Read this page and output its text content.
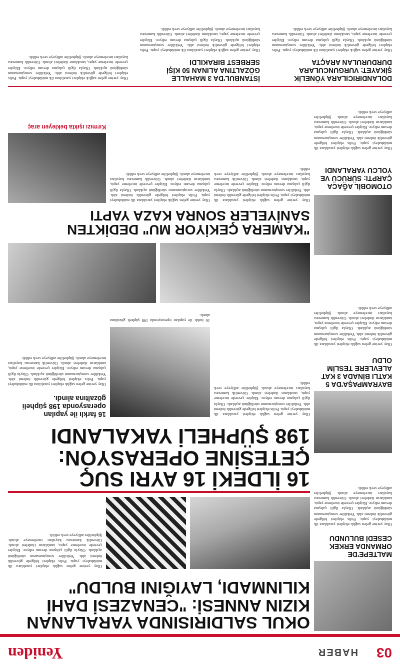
03
HABER
Yeniden
OKUL SALDIRISINDA YARALANAN
KIZIN ANNESİ: "CENAZESİ DAHİ
KILINMADI, LAYIĞINI BULDU"
MALTEPE'DE ORMANDA ERKEK CESEDİ BULUNDU
Olay yerine gelen sağlık ekipleri yaralılara ilk müdahaleyi yaptı. Polis ekipleri bölgede güvenlik önlemi aldı. Yetkililer soruşturmanın sürdüğünü açıkladı. Olayla ilgili çalışma devam ediyor. Ekipler çevrede inceleme yaptı, tanıkların ifadeleri alındı. Güvenlik kamerası kayıtları incelemeye alındı. Şüpheliler adliyeye sevk edildi.
Olay yerine gelen sağlık ekipleri yaralılara ilk müdahaleyi yaptı. Polis ekipleri bölgede güvenlik önlemi aldı. Yetkililer soruşturmanın sürdüğünü açıkladı. Olayla ilgili çalışma devam ediyor. Ekipler çevrede inceleme yaptı, tanıkların ifadeleri alındı. Güvenlik kamerası kayıtları incelemeye alındı. Şüpheliler adliyeye sevk edildi.
16 İLDEKİ 16 AYRI SUÇ
ÇETESİNE OPERASYON:
198 ŞÜPHELİ YAKALANDI
BAYRAMPAŞA'DA 5 KATLI BİNADA 3 KAT ALEVLERE TESLİM OLDU
Olay yerine gelen sağlık ekipleri yaralılara ilk müdahaleyi yaptı. Polis ekipleri bölgede güvenlik önlemi aldı. Yetkililer soruşturmanın sürdüğünü açıkladı. Olayla ilgili çalışma devam ediyor. Ekipler çevrede inceleme yaptı, tanıkların ifadeleri alındı. Güvenlik kamerası kayıtları incelemeye alındı. Şüpheliler adliyeye sevk edildi.
Olay yerine gelen sağlık ekipleri yaralılara ilk müdahaleyi yaptı. Polis ekipleri bölgede güvenlik önlemi aldı. Yetkililer soruşturmanın sürdüğünü açıkladı. Olayla ilgili çalışma devam ediyor. Ekipler çevrede inceleme yaptı, tanıkların ifadeleri alındı. Güvenlik kamerası kayıtları incelemeye alındı. Şüpheliler adliyeye sevk edildi.
16 farklı ile yapılan operasyonda 198 şüpheli gözaltına alındı.
16 farklı ile yapılan operasyonda 198 şüpheli gözaltına alındı.
Olay yerine gelen sağlık ekipleri yaralılara ilk müdahaleyi yaptı. Polis ekipleri bölgede güvenlik önlemi aldı. Yetkililer soruşturmanın sürdüğünü açıkladı. Olayla ilgili çalışma devam ediyor. Ekipler çevrede inceleme yaptı, tanıkların ifadeleri alındı. Güvenlik kamerası kayıtları incelemeye alındı. Şüpheliler adliyeye sevk edildi.
"KAMERA ÇEKİYOR MU" DEDİKTEN
SANİYELER SONRA KAZA YAPTI
OTOMOBİL AĞACA ÇARPTI: SÜRÜCÜ VE YOLCU YARALANDI
Olay yerine gelen sağlık ekipleri yaralılara ilk müdahaleyi yaptı. Polis ekipleri bölgede güvenlik önlemi aldı. Yetkililer soruşturmanın sürdüğünü açıkladı. Olayla ilgili çalışma devam ediyor. Ekipler çevrede inceleme yaptı, tanıkların ifadeleri alındı. Güvenlik kamerası kayıtları incelemeye alındı. Şüpheliler adliyeye sevk edildi.
Olay yerine gelen sağlık ekipleri yaralılara ilk müdahaleyi yaptı. Polis ekipleri bölgede güvenlik önlemi aldı. Yetkililer soruşturmanın sürdüğünü açıkladı. Olayla ilgili çalışma devam ediyor. Ekipler çevrede inceleme yaptı, tanıkların ifadeleri alındı. Güvenlik kamerası kayıtları incelemeye alındı. Şüpheliler adliyeye sevk edildi.
Olay yerine gelen sağlık ekipleri yaralılara ilk müdahaleyi yaptı. Polis ekipleri bölgede güvenlik önlemi aldı. Yetkililer soruşturmanın sürdüğünü açıkladı. Olayla ilgili çalışma devam ediyor. Ekipler çevrede inceleme yaptı, tanıkların ifadeleri alındı. Güvenlik kamerası kayıtları incelemeye alındı. Şüpheliler adliyeye sevk edildi.
Kırmızı ışıkta bekleyen araç
DOLANDIRICILARA YÖNELİK ŞİKAYET: VURGUNCULARA DURDURULAN ARAÇTA
Olay yerine gelen sağlık ekipleri yaralılara ilk müdahaleyi yaptı. Polis ekipleri bölgede güvenlik önlemi aldı. Yetkililer soruşturmanın sürdüğünü açıkladı. Olayla ilgili çalışma devam ediyor. Ekipler çevrede inceleme yaptı, tanıkların ifadeleri alındı. Güvenlik kamerası kayıtları incelemeye alındı. Şüpheliler adliyeye sevk edildi.
İSTANBUL'DA 3 MAHALLE GÖZALTINA ALINAN 50 KİŞİ SERBEST BIRAKILDI
Olay yerine gelen sağlık ekipleri yaralılara ilk müdahaleyi yaptı. Polis ekipleri bölgede güvenlik önlemi aldı. Yetkililer soruşturmanın sürdüğünü açıkladı. Olayla ilgili çalışma devam ediyor. Ekipler çevrede inceleme yaptı, tanıkların ifadeleri alındı. Güvenlik kamerası kayıtları incelemeye alındı. Şüpheliler adliyeye sevk edildi.
Olay yerine gelen sağlık ekipleri yaralılara ilk müdahaleyi yaptı. Polis ekipleri bölgede güvenlik önlemi aldı. Yetkililer soruşturmanın sürdüğünü açıkladı. Olayla ilgili çalışma devam ediyor. Ekipler çevrede inceleme yaptı, tanıkların ifadeleri alındı. Güvenlik kamerası kayıtları incelemeye alındı. Şüpheliler adliyeye sevk edildi.
